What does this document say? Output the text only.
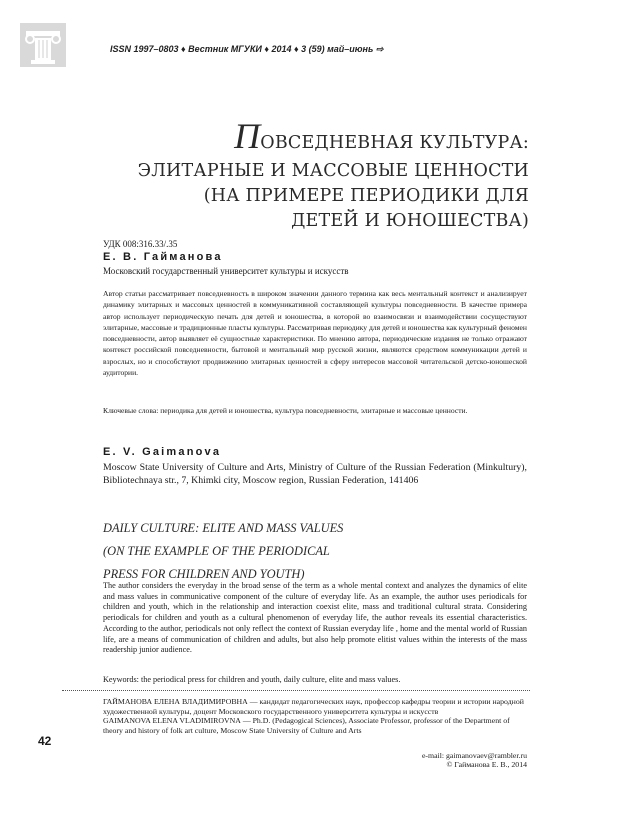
ISSN 1997–0803 ♦ Вестник МГУКИ ♦ 2014 ♦ 3 (59) май–июнь ⇨
ПОВСЕДНЕВНАЯ КУЛЬТУРА:
ЭЛИТАРНЫЕ И МАССОВЫЕ ЦЕННОСТИ
(НА ПРИМЕРЕ ПЕРИОДИКИ ДЛЯ
ДЕТЕЙ И ЮНОШЕСТВА)
УДК 008:316.33/.35
Е. В. Гайманова
Московский государственный университет культуры и искусств
Автор статьи рассматривает повседневность в широком значении данного термина как весь ментальный контекст и анализирует динамику элитарных и массовых ценностей в коммуникативной составляющей культуры повседневности. В качестве примера автор использует периодическую печать для детей и юношества, в которой во взаимосвязи и взаимодействии сосуществуют элитарные, массовые и традиционные пласты культуры. Рассматривая периодику для детей и юношества как культурный феномен повседневности, автор выявляет её сущностные характеристики. По мнению автора, периодические издания не только отражают контекст российской повседневности, бытовой и ментальный мир русской жизни, являются средством коммуникации детей и взрослых, но и способствуют продвижению элитарных ценностей в сферу интересов массовой читательской детско-юношеской аудитории.
Ключевые слова: периодика для детей и юношества, культура повседневности, элитарные и массовые ценности.
E. V. Gaimanova
Moscow State University of Culture and Arts, Ministry of Culture of the Russian Federation (Minkultury), Bibliotechnaya str., 7, Khimki city, Moscow region, Russian Federation, 141406
DAILY CULTURE: ELITE AND MASS VALUES
(ON THE EXAMPLE OF THE PERIODICAL
PRESS FOR CHILDREN AND YOUTH)
The author considers the everyday in the broad sense of the term as a whole mental context and analyzes the dynamics of elite and mass values in communicative component of the culture of everyday life. As an example, the author uses periodicals for children and youth, which in the relationship and interaction coexist elite, mass and traditional cultural strata. Considering periodicals for children and youth as a cultural phenomenon of everyday life, the author reveals its essential characteristics. According to the author, periodicals not only reflect the context of Russian everyday life , home and the mental world of Russian life, are a means of communication of children and adults, but also help promote elitist values within the interests of the mass readership junior audience.
Keywords: the periodical press for children and youth, daily culture, elite and mass values.
ГАЙМАНОВА ЕЛЕНА ВЛАДИМИРОВНА — кандидат педагогических наук, профессор кафедры теории и истории народной художественной культуры, доцент Московского государственного университета культуры и искусств
GAIMANOVA ELENA VLADIMIROVNA — Ph.D. (Pedagogical Sciences), Associate Professor, professor of the Department of theory and history of folk art culture, Moscow State University of Culture and Arts
e-mail: gaimanovaev@rambler.ru
© Гайманова Е. В., 2014
42
